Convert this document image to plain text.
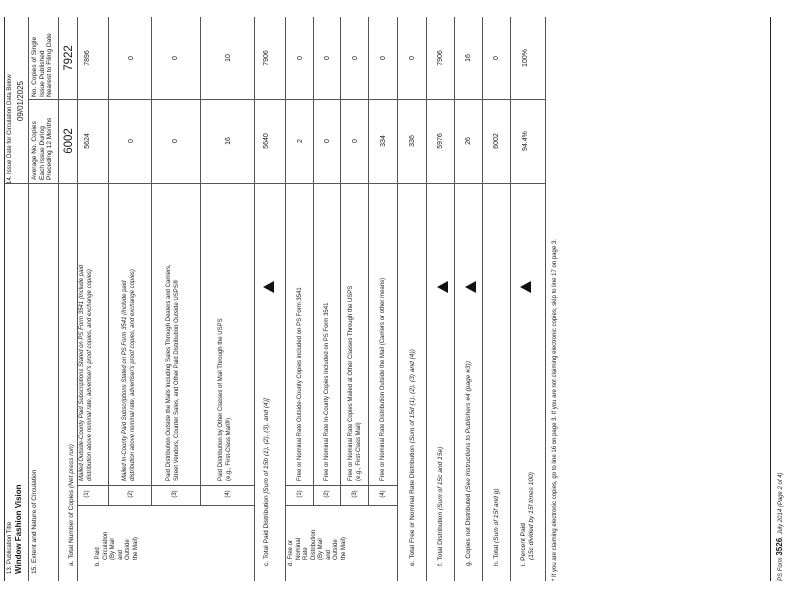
13. Publication Title Window Fashion Vision
14. Issue Date for Circulation Data Below 09/01/2025
15. Extent and Nature of Circulation
Average No. Copies Each Issue During Preceding 12 Months
No. Copies of Single Issue Published Nearest to Filing Date
a. Total Number of Copies (Net press run)
6002
7922
b. Paid Circulation (By Mail and Outside the Mail)
(1)
Mailed Outside-County Paid Subscriptions Stated on PS Form 3541 (Include paid distribution above nominal rate, advertiser's proof copies, and exchange copies)
5624
7896
(2)
Mailed In-County Paid Subscriptions Stated on PS Form 3541 (Include paid distribution above nominal rate, advertiser's proof copies, and exchange copies)
0
0
(3)
Paid Distribution Outside the Mails Including Sales Through Dealers and Carriers, Street Vendors, Counter Sales, and Other Paid Distribution Outside USPS®
0
0
(4)
Paid Distribution by Other Classes of Mail Through the USPS (e.g., First-Class Mail®)
16
10
c. Total Paid Distribution [Sum of 15b (1), (2), (3), and (4)]
5640
7906
d. Free or Nominal Rate Distribution (By Mail and Outside the Mail)
(1)
Free or Nominal Rate Outside-County Copies included on PS Form 3541
2
0
(2)
Free or Nominal Rate In-County Copies Included on PS Form 3541
0
0
(3)
Free or Nominal Rate Copies Mailed at Other Classes Through the USPS (e.g., First-Class Mail)
0
0
(4)
Free or Nominal Rate Distribution Outside the Mail (Carriers or other means)
334
0
e. Total Free or Nominal Rate Distribution (Sum of 15d (1), (2), (3) and (4))
336
0
f. Total Distribution (Sum of 15c and 15e)
5976
7906
g. Copies not Distributed (See Instructions to Publishers #4 (page #3))
26
16
h. Total (Sum of 15f and g)
6002
0
i. Percent Paid (15c divided by 15f times 100)
94.4%
100%
* If you are claiming electronic copies, go to line 16 on page 3. If you are not claiming electronic copies, skip to line 17 on page 3.	PS Form 3526, July 2014 (Page 2 of 4)
